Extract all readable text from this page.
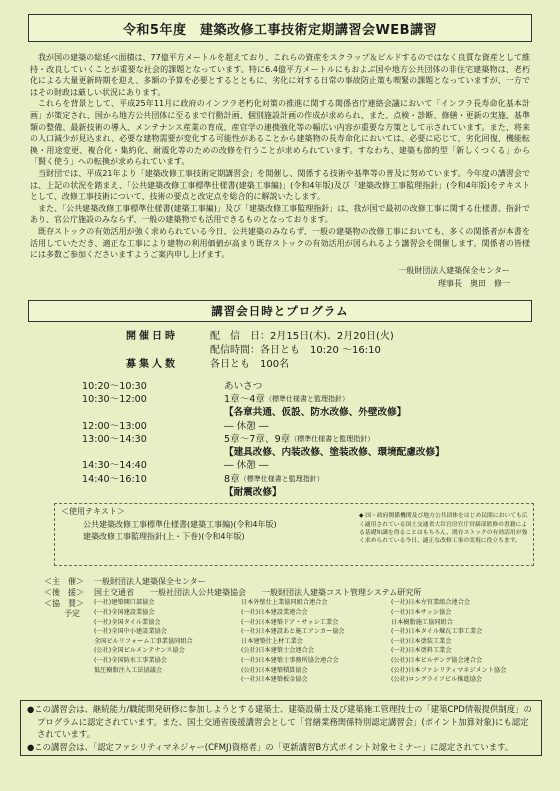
令和5年度　建築改修工事技術定期講習会WEB講習

我が国の建築の総延べ面積は、77億平方メートルを超えており、これらの資産をスクラップ＆ビルドするのではなく良質な資産として維持・改良していくことが重要な社会的課題となっています。特に6.4億平方メートルにもおよぶ国や地方公共団体の非住宅建築物は、老朽化による大量更新時期を迎え、多額の予算を必要とするとともに、劣化に対する日常の事故防止策も喫緊の課題となっていますが、一方ではその財政は厳しい状況にあります。

これらを背景として、平成25年11月に政府のインフラ老朽化対策の推進に関する関係省庁連絡会議において「インフラ長寿命化基本計画」が策定され、国から地方公共団体に至るまで行動計画、個別施設計画の作成が求められ、また、点検・診断、修繕・更新の実施、基準類の整備、最新技術の導入、メンテナンス産業の育成、産官学の連携強化等の幅広い内容が重要な方策として示されています。また、将来の人口減少が見込まれ、必要な建物需要が変化する可能性があることから建築物の長寿命化においては、必要に応じて、劣化回復、機能転換・用途変更、複合化・集約化、耐震化等のための改修を行うことが求められています。すなわち、建築も節約型「新しくつくる」から「賢く使う」への転換が求められています。

当財団では、平成21年より「建築改修工事技術定期講習会」を開催し、関係する技術や基準等の普及に努めています。今年度の講習会では、上記の状況を踏まえ、「公共建築改修工事標準仕様書(建築工事編)」(令和4年版)及び「建築改修工事監理指針」(令和4年版)をテキストとして、改修工事技術について、技術の要点と改定点を総合的に解説いたします。

また、「公共建築改修工事標準仕様書(建築工事編)」及び「建築改修工事監理指針」は、我が国で最初の改修工事に関する仕様書、指針であり、官公庁施設のみならず、一般の建築物でも活用できるものとなっております。

既存ストックの有効活用が強く求められている今日、公共建築のみならず、一般の建築物の改修工事においても、多くの関係者が本書を活用していただき、適正な工事により建物の利用価値が高まり既存ストックの有効活用が図られるよう講習会を開催します。関係者の皆様には多数ご参加くださいますようご案内申し上げます。

一般財団法人建築保全センター
理事長　奥田　修一
講習会日時とプログラム
開催日時	配　信　日：2月15日(木)、2月20日(火)
配信時間：各日とも　10:20 ～16:10
募集人数	各日とも　100名
10:20～10:30	あいさつ
10:30～12:00	1章～4章 （標準仕様書と監理指針）
【各章共通、仮設、防水改修、外壁改修】
12:00～13:00	― 休憩 ―
13:00～14:30	5章～7章、9章 （標準仕様書と監理指針）
【建具改修、内装改修、塗装改修、環境配慮改修】
14:30～14:40	― 休憩 ―
14:40～16:10	8章 （標準仕様書と監理指針）
【耐震改修】
＜使用テキスト＞
公共建築改修工事標準仕様書(建築工事編)(令和4年版)
建築改修工事監理指針(上・下巻)(令和4年版)
◆ 国・政府関係機関及び地方公共団体をはじめ民間においても広く適用されている国土交通省大臣官房官庁営繕部監修の書籍による基礎知識を得ることはもちろん、既存ストックの有効活用が強く求められている今日、適正な改修工事の実現に役立ちます。
＜主　催＞	一般財団法人建築保全センター
＜後　援＞	国土交通省　　一般社団法人公共建築協会　　一般財団法人建築コスト管理システム研究所
＜協　賛＞
予定
(一社)建築開口部協会
(一社)全国建設業協会
(一社)全国タイル業協会
(一社)全国中小建設業協会
全国ビルリフォーム工事業協同組合
(公社)全国ビルメンテナンス協会
(一社)全国防水工事業協会
低圧樹脂注入工法協議会
日本外壁仕上業協同組合連合会
(一社)日本建設業連合会
(一社)日本建築ドア・サッシ工業会
(一社)日本建設あと施工アンカー協会
日本建築仕上材工業会
(公社)日本建築士会連合会
(一社)日本建築士事務所協会連合会
(公社)日本建築積算協会
(一社)日本建築板金協会
(一社)日本左官業組合連合会
(一社)日本サッシ協会
日本樹脂施工協同組合
(一社)日本タイル煉瓦工事工業会
(一社)日本塗装工業会
(一社)日本塗料工業会
(公社)日本ビルヂング協会連合会
(公社)日本ファシリティマネジメント協会
(公社)ロングライフビル推進協会
●この講習会は、継続能力/職能開発研修に参加しようとする建築士、建築設備士及び建築施工管理技士の「建築CPD情報提供制度」のプログラムに認定されています。また、国土交通省後援講習会として「営繕業務関係特別認定講習会」(ポイント加算対象)にも認定されています。
●この講習会は、「認定ファシリティマネジャー(CFMJ)資格者」の「更新講習B方式ポイント対象セミナー」に認定されています。
